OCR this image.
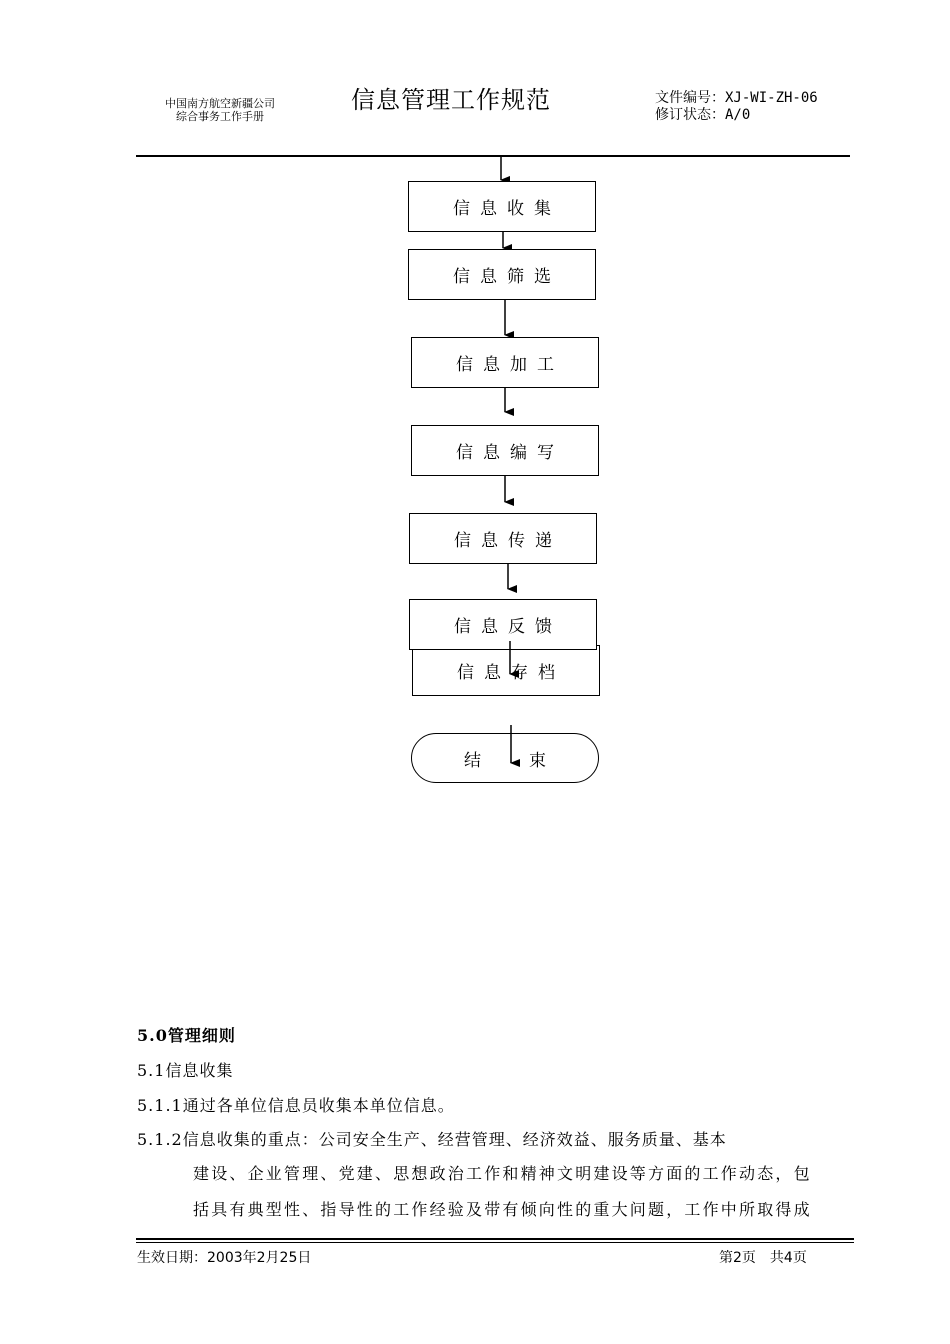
中国南方航空新疆公司
综合事务工作手册
信息管理工作规范	文件编号：XJ-WI-ZH-06
修订状态：A/0
信息收集
信息筛选
信息加工
信息编写
信息传递
信息存档
信息反馈
结束
5.0管理细则
5.1信息收集
5.1.1通过各单位信息员收集本单位信息。
5.1.2信息收集的重点：公司安全生产、经营管理、经济效益、服务质量、基本
建设、企业管理、党建、思想政治工作和精神文明建设等方面的工作动态，包
括具有典型性、指导性的工作经验及带有倾向性的重大问题，工作中所取得成
生效日期：2003年2月25日	第2页　共4页
